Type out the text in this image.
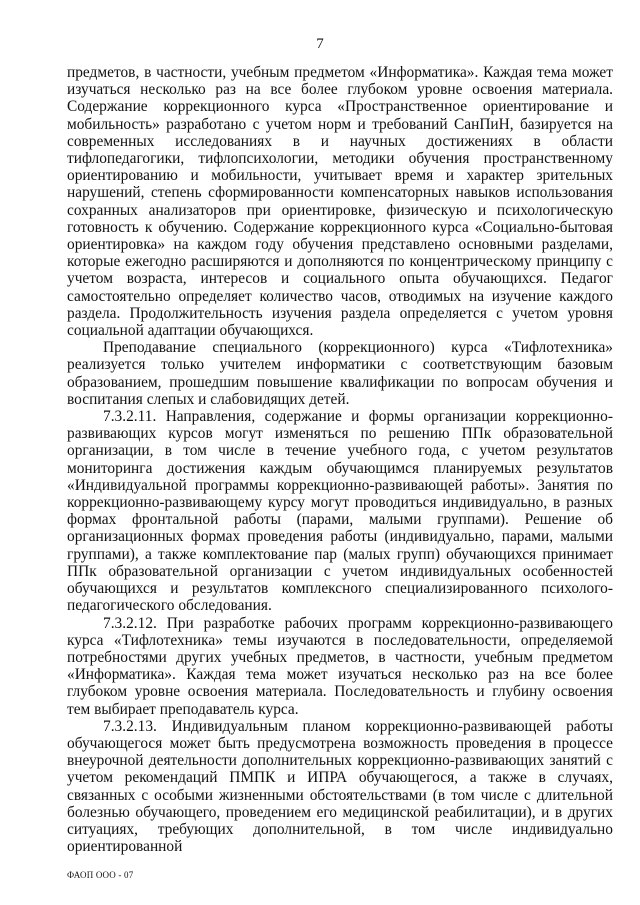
7

предметов, в частности, учебным предметом «Информатика». Каждая тема может изучаться несколько раз на все более глубоком уровне освоения материала. Содержание коррекционного курса «Пространственное ориентирование и мобильность» разработано с учетом норм и требований СанПиН, базируется на современных исследованиях в и научных достижениях в области тифлопедагогики, тифлопсихологии, методики обучения пространственному ориентированию и мобильности, учитывает время и характер зрительных нарушений, степень сформированности компенсаторных навыков использования сохранных анализаторов при ориентировке, физическую и психологическую готовность к обучению. Содержание коррекционного курса «Социально-бытовая ориентировка» на каждом году обучения представлено основными разделами, которые ежегодно расширяются и дополняются по концентрическому принципу с учетом возраста, интересов и социального опыта обучающихся. Педагог самостоятельно определяет количество часов, отводимых на изучение каждого раздела. Продолжительность изучения раздела определяется с учетом уровня социальной адаптации обучающихся.

Преподавание специального (коррекционного) курса «Тифлотехника» реализуется только учителем информатики с соответствующим базовым образованием, прошедшим повышение квалификации по вопросам обучения и воспитания слепых и слабовидящих детей.

7.3.2.11. Направления, содержание и формы организации коррекционно-развивающих курсов могут изменяться по решению ППк образовательной организации, в том числе в течение учебного года, с учетом результатов мониторинга достижения каждым обучающимся планируемых результатов «Индивидуальной программы коррекционно-развивающей работы». Занятия по коррекционно-развивающему курсу могут проводиться индивидуально, в разных формах фронтальной работы (парами, малыми группами). Решение об организационных формах проведения работы (индивидуально, парами, малыми группами), а также комплектование пар (малых групп) обучающихся принимает ППк образовательной организации с учетом индивидуальных особенностей обучающихся и результатов комплексного специализированного психолого-педагогического обследования.

7.3.2.12. При разработке рабочих программ коррекционно-развивающего курса «Тифлотехника» темы изучаются в последовательности, определяемой потребностями других учебных предметов, в частности, учебным предметом «Информатика». Каждая тема может изучаться несколько раз на все более глубоком уровне освоения материала. Последовательность и глубину освоения тем выбирает преподаватель курса.

7.3.2.13. Индивидуальным планом коррекционно-развивающей работы обучающегося может быть предусмотрена возможность проведения в процессе внеурочной деятельности дополнительных коррекционно-развивающих занятий с учетом рекомендаций ПМПК и ИПРА обучающегося, а также в случаях, связанных с особыми жизненными обстоятельствами (в том числе с длительной болезнью обучающего, проведением его медицинской реабилитации), и в других ситуациях, требующих дополнительной, в том числе индивидуально ориентированной

ФАОП ООО - 07
